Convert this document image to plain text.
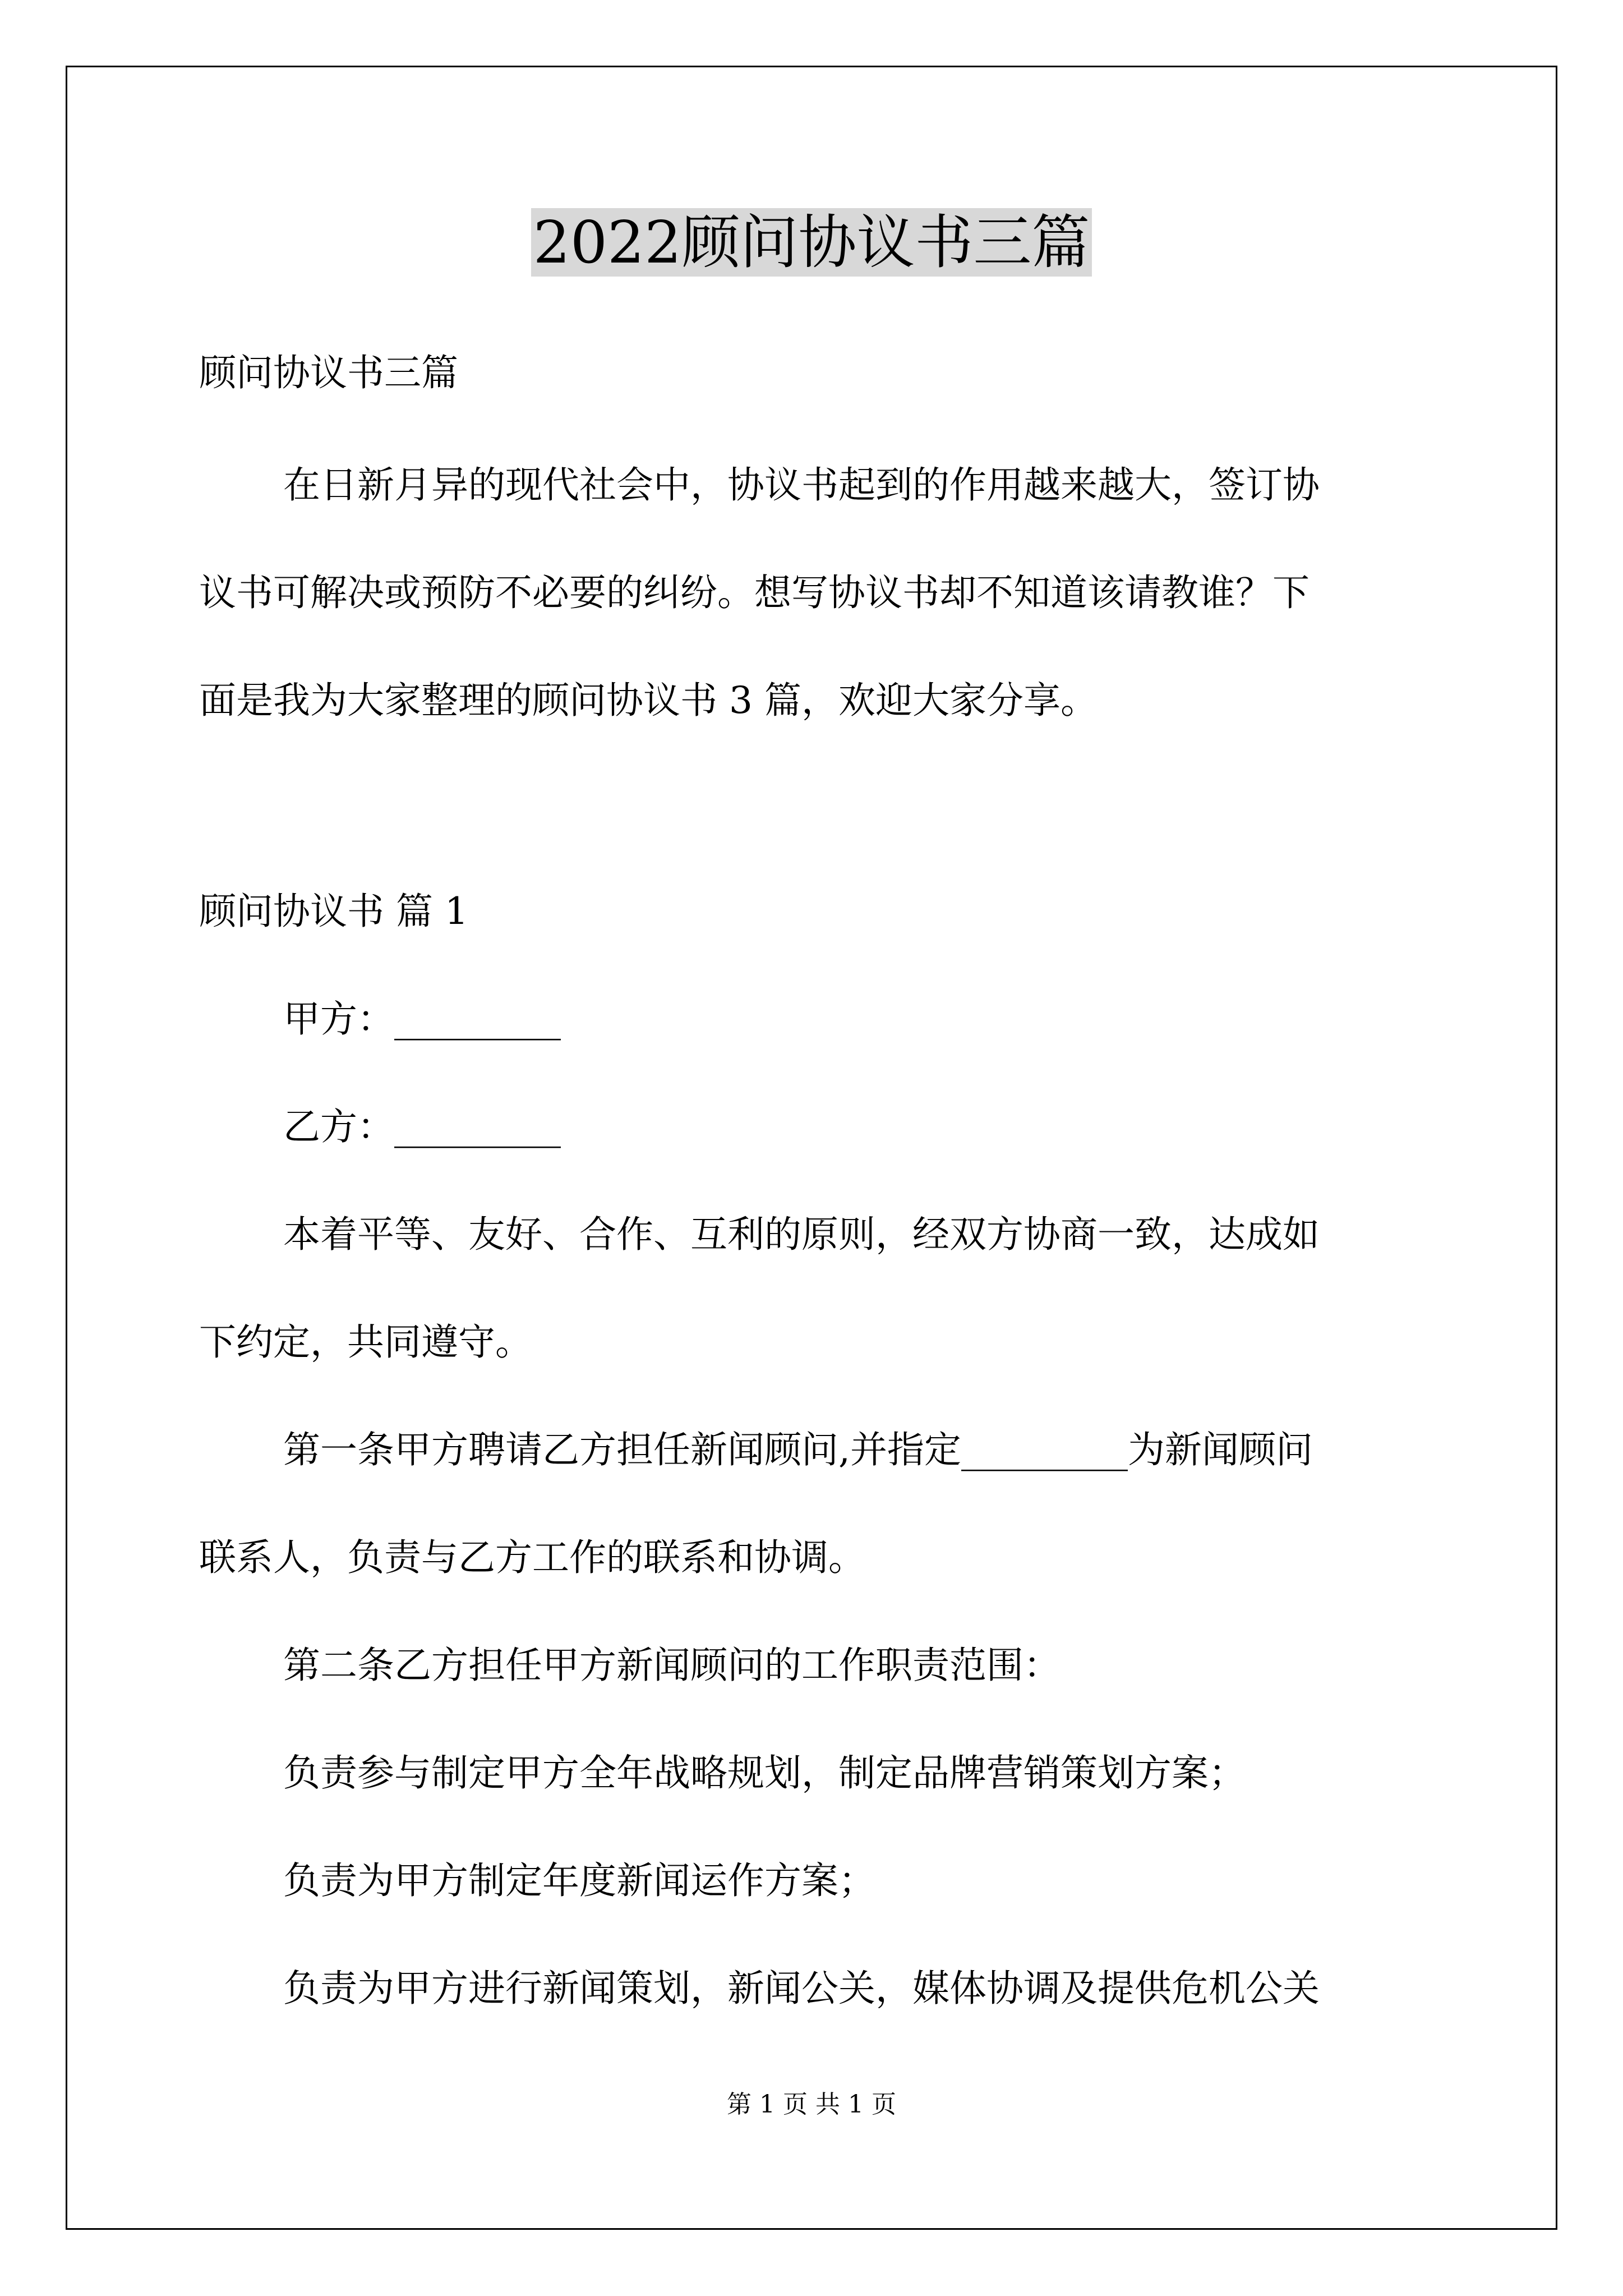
2022顾问协议书三篇
顾问协议书三篇
在日新月异的现代社会中，协议书起到的作用越来越大，签订协
议书可解决或预防不必要的纠纷。想写协议书却不知道该请教谁？下
面是我为大家整理的顾问协议书 3 篇，欢迎大家分享。
顾问协议书 篇 1
甲方：_________
乙方：_________
本着平等、友好、合作、互利的原则，经双方协商一致，达成如
下约定，共同遵守。
第一条甲方聘请乙方担任新闻顾问,并指定_________为新闻顾问
联系人，负责与乙方工作的联系和协调。
第二条乙方担任甲方新闻顾问的工作职责范围：
负责参与制定甲方全年战略规划，制定品牌营销策划方案；
负责为甲方制定年度新闻运作方案；
负责为甲方进行新闻策划，新闻公关，媒体协调及提供危机公关
第 1 页 共 1 页
